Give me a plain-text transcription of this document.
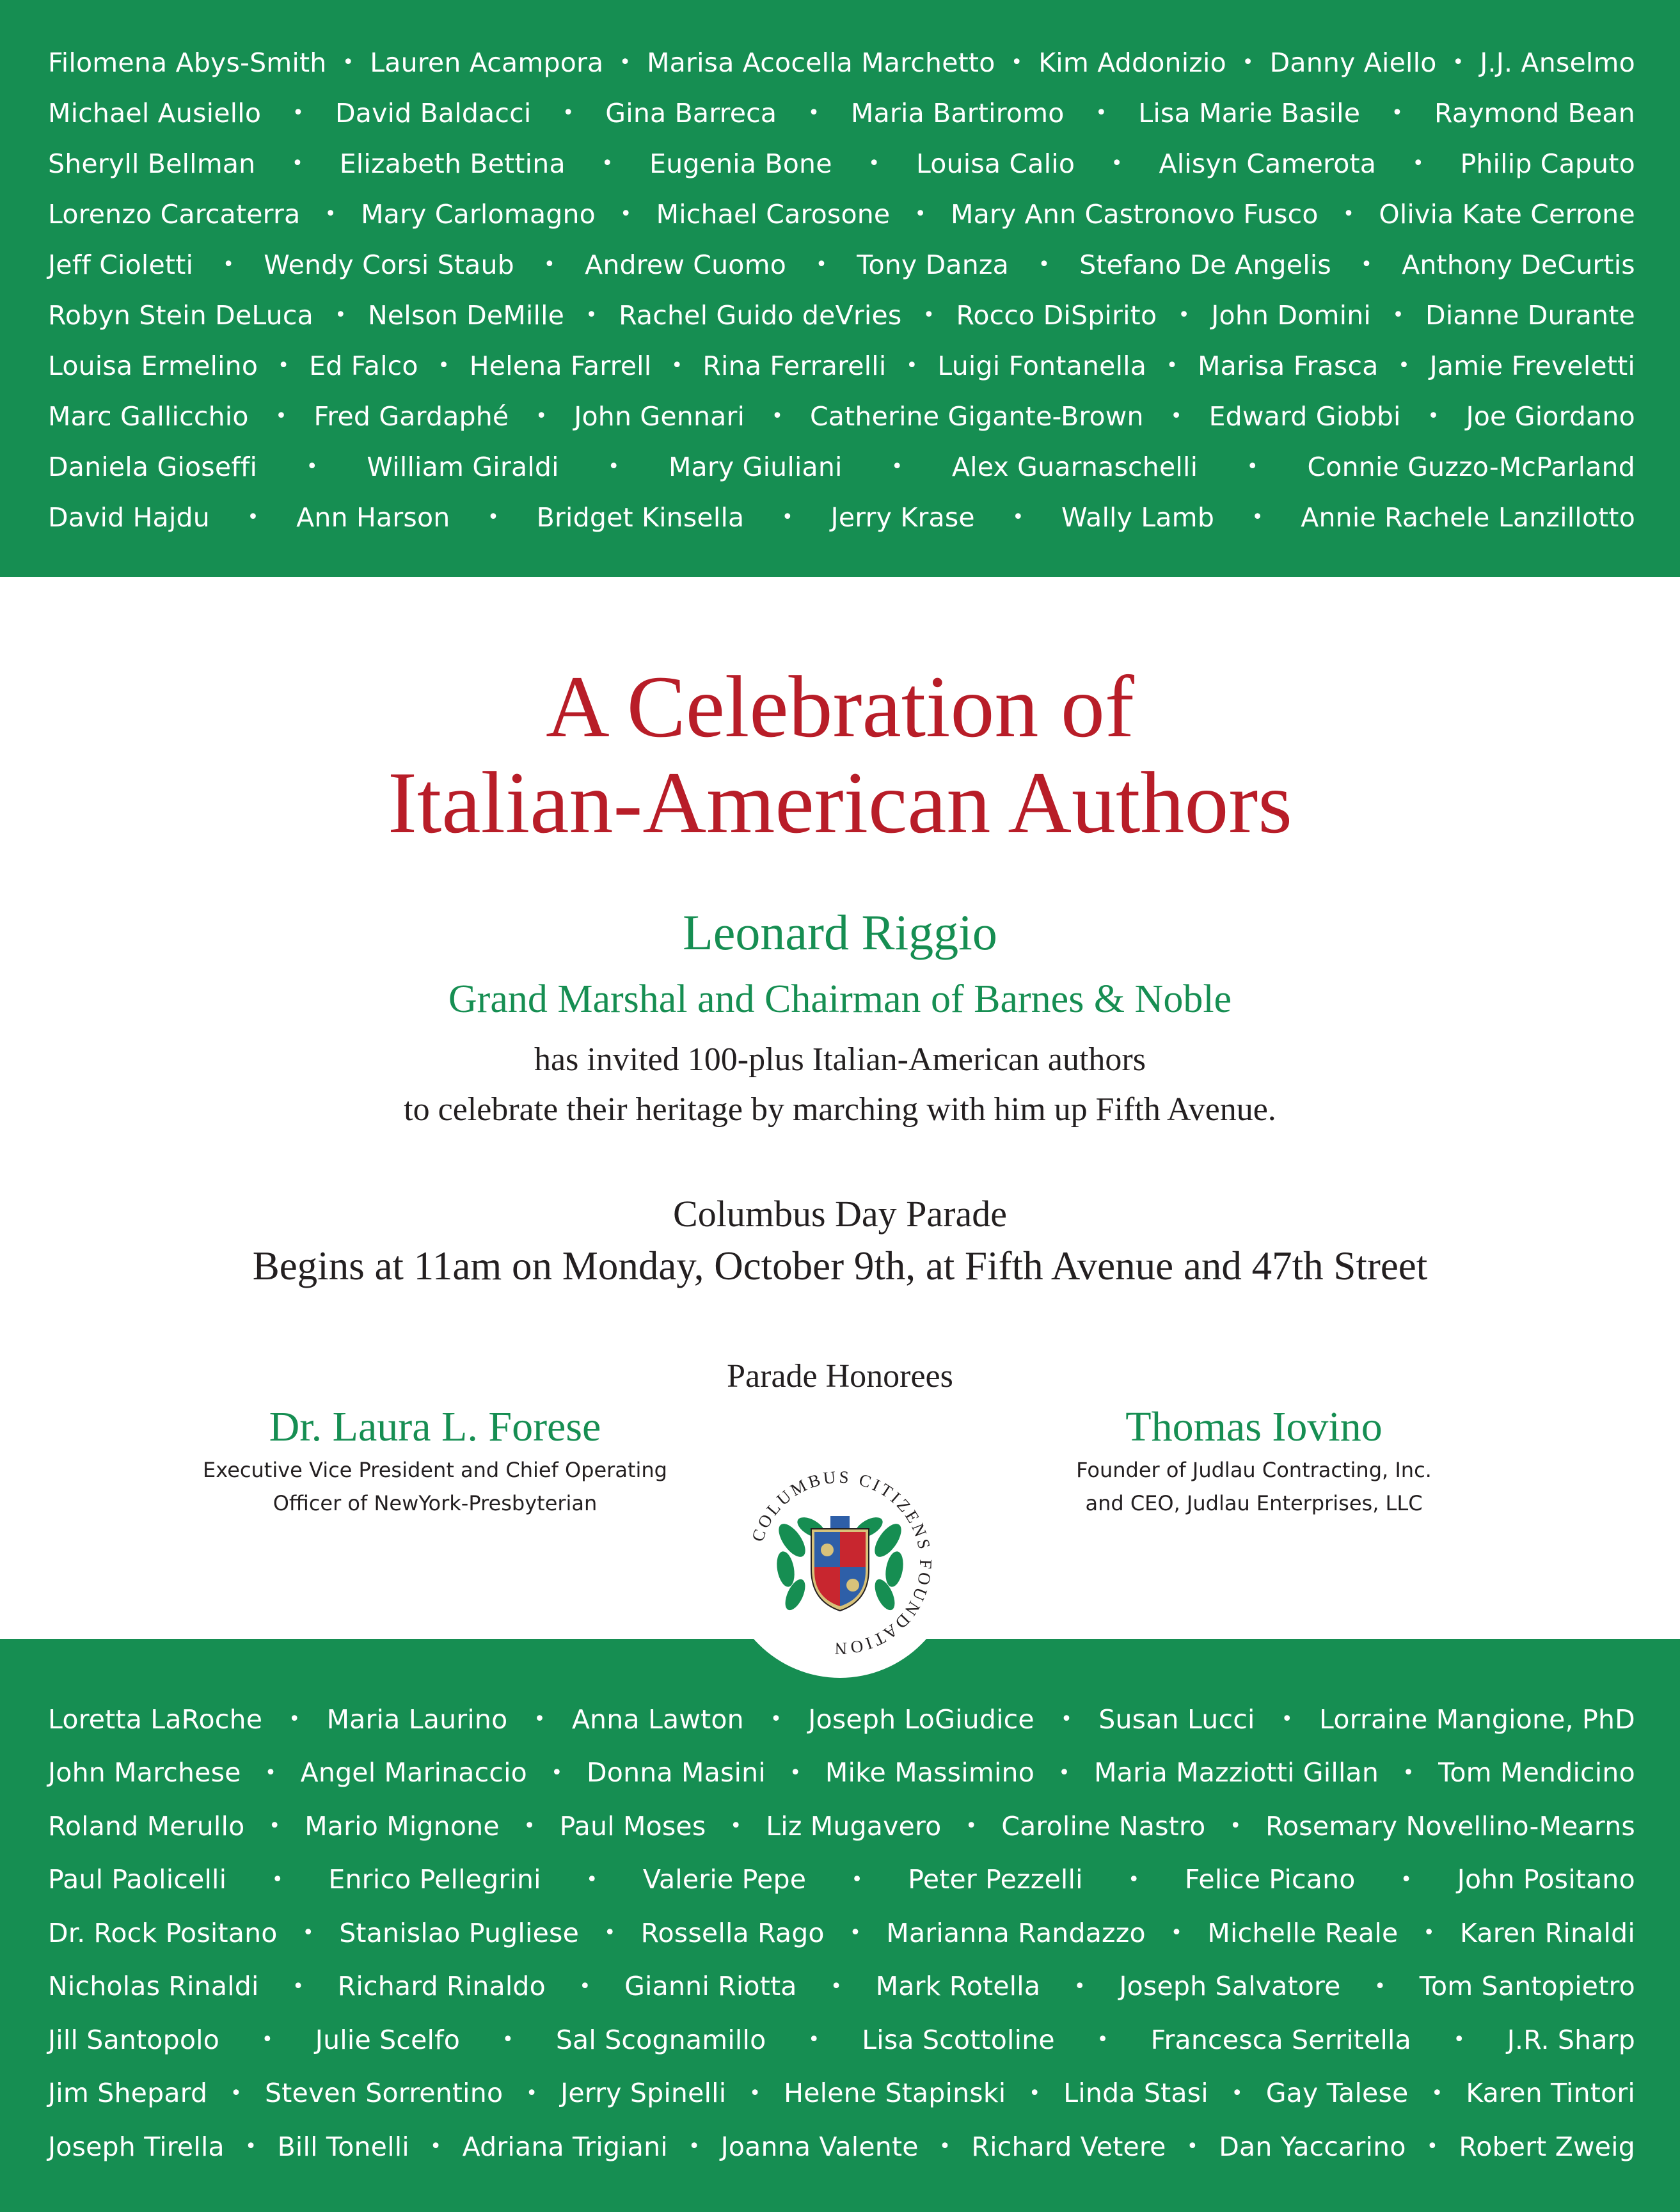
Filomena Abys-Smith • Lauren Acampora • Marisa Acocella Marchetto • Kim Addonizio • Danny Aiello • J.J. Anselmo
Michael Ausiello • David Baldacci • Gina Barreca • Maria Bartiromo • Lisa Marie Basile • Raymond Bean
Sheryll Bellman • Elizabeth Bettina • Eugenia Bone • Louisa Calio • Alisyn Camerota • Philip Caputo
Lorenzo Carcaterra • Mary Carlomagno • Michael Carosone • Mary Ann Castronovo Fusco • Olivia Kate Cerrone
Jeff Cioletti • Wendy Corsi Staub • Andrew Cuomo • Tony Danza • Stefano De Angelis • Anthony DeCurtis
Robyn Stein DeLuca • Nelson DeMille • Rachel Guido deVries • Rocco DiSpirito • John Domini • Dianne Durante
Louisa Ermelino • Ed Falco • Helena Farrell • Rina Ferrarelli • Luigi Fontanella • Marisa Frasca • Jamie Freveletti
Marc Gallicchio • Fred Gardaphé • John Gennari • Catherine Gigante-Brown • Edward Giobbi • Joe Giordano
Daniela Gioseffi	• William Giraldi	• Mary Giuliani	• Alex Guarnaschelli	• Connie Guzzo-McParland
David Hajdu • Ann Harson • Bridget Kinsella • Jerry Krase • Wally Lamb • Annie Rachele Lanzillotto
A Celebration of
Italian-American Authors
Leonard Riggio
Grand Marshal and Chairman of Barnes & Noble
has invited 100-plus Italian-American authors
to celebrate their heritage by marching with him up Fifth Avenue.
Columbus Day Parade
Begins at 11am on Monday, October 9th, at Fifth Avenue and 47th Street
Parade Honorees
Dr. Laura L. Forese
Executive Vice President and Chief Operating
Officer of NewYork-Presbyterian
Thomas Iovino
Founder of Judlau Contracting, Inc.
and CEO, Judlau Enterprises, LLC
Loretta LaRoche • Maria Laurino • Anna Lawton • Joseph LoGiudice • Susan Lucci • Lorraine Mangione, PhD
John Marchese • Angel Marinaccio • Donna Masini • Mike Massimino • Maria Mazziotti Gillan • Tom Mendicino
Roland Merullo • Mario Mignone • Paul Moses • Liz Mugavero • Caroline Nastro • Rosemary Novellino-Mearns
Paul Paolicelli • Enrico Pellegrini • Valerie Pepe • Peter Pezzelli • Felice Picano • John Positano
Dr. Rock Positano • Stanislao Pugliese • Rossella Rago • Marianna Randazzo • Michelle Reale • Karen Rinaldi
Nicholas Rinaldi • Richard Rinaldo • Gianni Riotta • Mark Rotella • Joseph Salvatore • Tom Santopietro
Jill Santopolo • Julie Scelfo • Sal Scognamillo • Lisa Scottoline • Francesca Serritella • J.R. Sharp
Jim Shepard • Steven Sorrentino • Jerry Spinelli • Helene Stapinski • Linda Stasi • Gay Talese • Karen Tintori
Joseph Tirella • Bill Tonelli • Adriana Trigiani • Joanna Valente • Richard Vetere • Dan Yaccarino • Robert Zweig
COLUMBUS CITIZENS FOUNDATION
